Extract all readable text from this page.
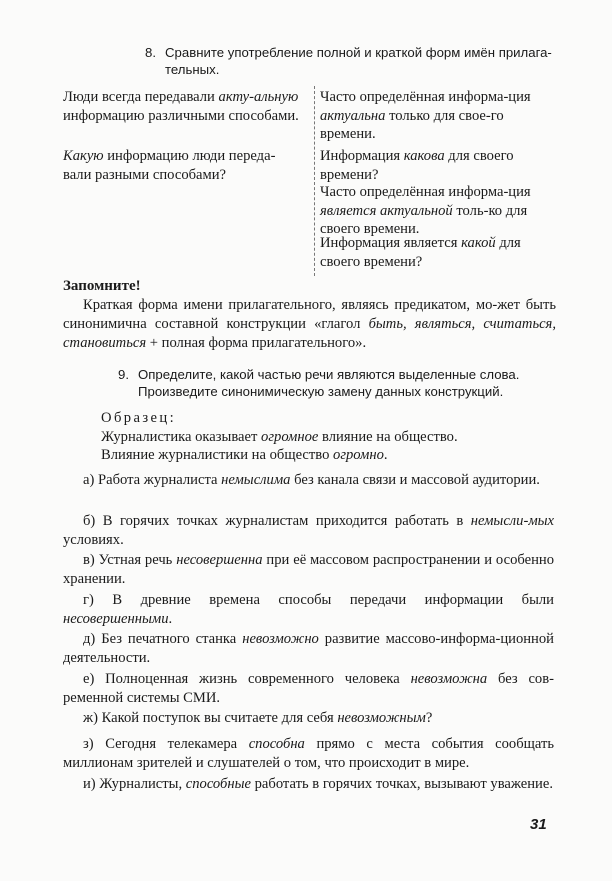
8. Сравните употребление полной и краткой форм имён прилага-тельных.

Люди всегда передавали акту-альную информацию различными способами.

Какую информацию люди переда-вали разными способами?

Часто определённая информа-ция актуальна только для свое-го времени.

Информация какова для своего времени?

Часто определённая информа-ция является актуальной толь-ко для своего времени.

Информация является какой для своего времени?

Запомните!
Краткая форма имени прилагательного, являясь предикатом, мо-жет быть синонимична составной конструкции «глагол быть, являться, считаться, становиться + полная форма прилагательного».
9. Определите, какой частью речи являются выделенные слова. Произведите синонимическую замену данных конструкций.
Образец:
Журналистика оказывает огромное влияние на общество.
Влияние журналистики на общество огромно.
а) Работа журналиста немыслима без канала связи и массовой аудитории.
б) В горячих точках журналистам приходится работать в немысли-мых условиях.
в) Устная речь несовершенна при её массовом распространении и особенно хранении.
г) В древние времена способы передачи информации были несовершенными.
д) Без печатного станка невозможно развитие массово-информа-ционной деятельности.
е) Полноценная жизнь современного человека невозможна без сов-ременной системы СМИ.
ж) Какой поступок вы считаете для себя невозможным?
з) Сегодня телекамера способна прямо с места события сообщать миллионам зрителей и слушателей о том, что происходит в мире.
и) Журналисты, способные работать в горячих точках, вызывают уважение.
31
